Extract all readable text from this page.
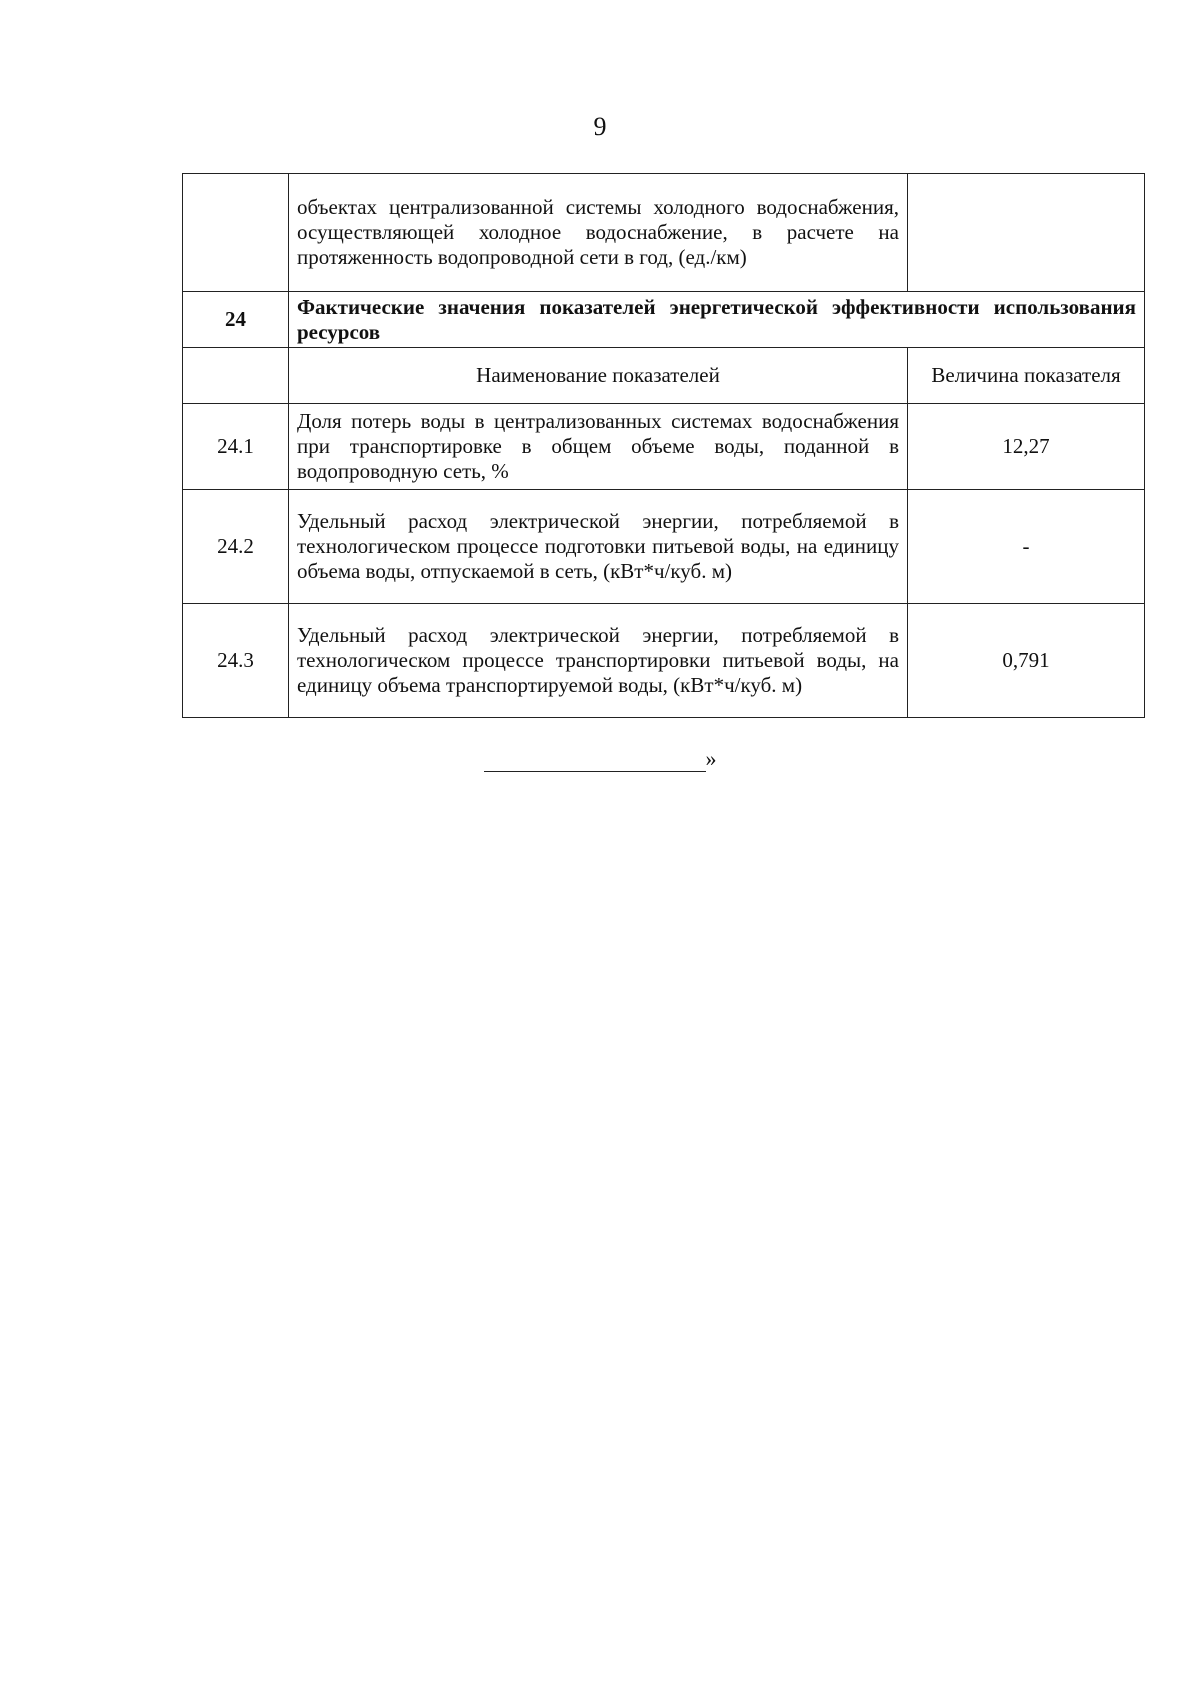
9
	объектах централизованной системы холодного водоснабжения, осуществляющей холодное водоснабжение, в расчете на протяженность водопроводной сети в год, (ед./км)	
24	Фактические значения показателей энергетической эффективности использования ресурсов	
	Наименование показателей	Величина показателя
24.1	Доля потерь воды в централизованных системах водоснабжения при транспортировке в общем объеме воды, поданной в водопроводную сеть, %	12,27
24.2	Удельный расход электрической энергии, потребляемой в технологическом процессе подготовки питьевой воды, на единицу объема воды, отпускаемой в сеть, (кВт*ч/куб. м)	-
24.3	Удельный расход электрической энергии, потребляемой в технологическом процессе транспортировки питьевой воды, на единицу объема транспортируемой воды, (кВт*ч/куб. м)	0,791
»
